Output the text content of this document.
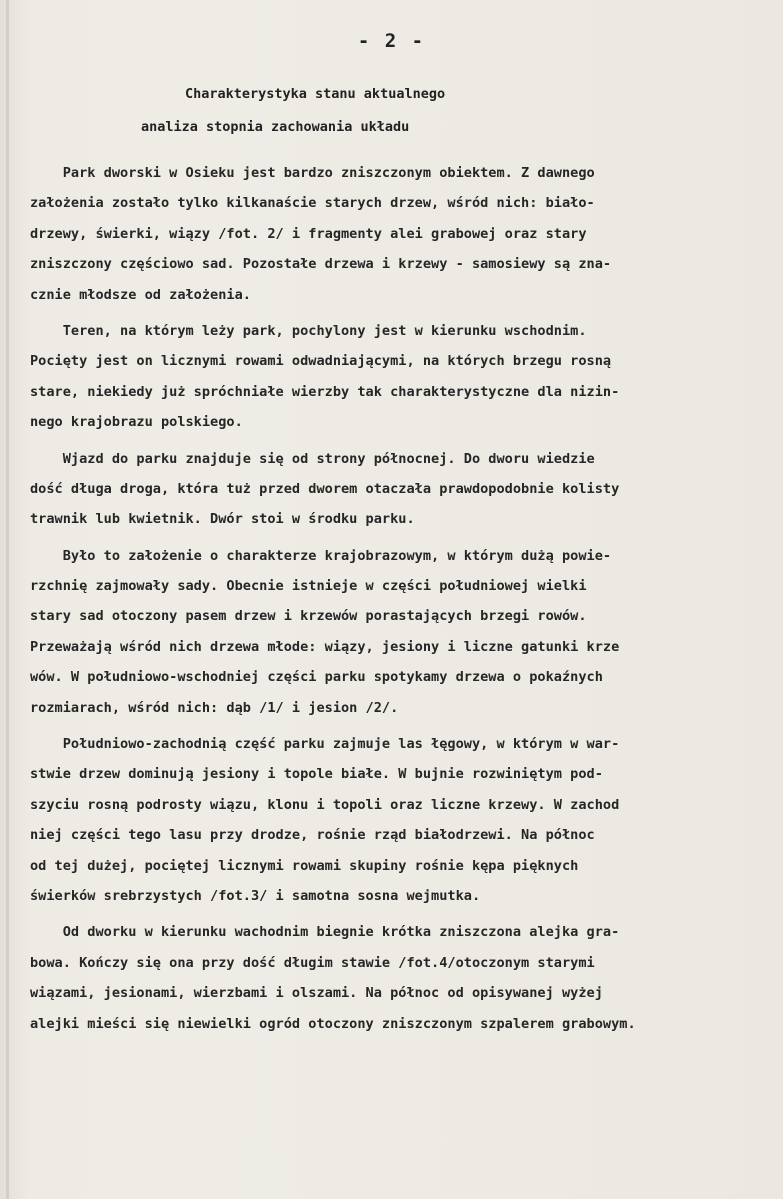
- 2 -
Charakterystyka stanu aktualnego
analiza stopnia zachowania układu
Park dworski w Osieku jest bardzo zniszczonym obiektem. Z dawnego
założenia zostało tylko kilkanaście starych drzew, wśród nich: biało-
drzewy, świerki, wiązy /fot. 2/ i fragmenty alei grabowej oraz stary
zniszczony częściowo sad. Pozostałe drzewa i krzewy - samosiewy są zna-
cznie młodsze od założenia.
Teren, na którym leży park, pochylony jest w kierunku wschodnim.
Pocięty jest on licznymi rowami odwadniającymi, na których brzegu rosną
stare, niekiedy już spróchniałe wierzby tak charakterystyczne dla nizin-
nego krajobrazu polskiego.
Wjazd do parku znajduje się od strony północnej. Do dworu wiedzie
dość długa droga, która tuż przed dworem otaczała prawdopodobnie kolisty
trawnik lub kwietnik. Dwór stoi w środku parku.
Było to założenie o charakterze krajobrazowym, w którym dużą powie-
rzchnię zajmowały sady. Obecnie istnieje w części południowej wielki
stary sad otoczony pasem drzew i krzewów porastających brzegi rowów.
Przeważają wśród nich drzewa młode: wiązy, jesiony i liczne gatunki krze
wów. W południowo-wschodniej części parku spotykamy drzewa o pokaźnych
rozmiarach, wśród nich: dąb /1/ i jesion /2/.
Południowo-zachodnią część parku zajmuje las łęgowy, w którym w war-
stwie drzew dominują jesiony i topole białe. W bujnie rozwiniętym pod-
szyciu rosną podrosty wiązu, klonu i topoli oraz liczne krzewy. W zachod
niej części tego lasu przy drodze, rośnie rząd białodrzewi. Na północ
od tej dużej, pociętej licznymi rowami skupiny rośnie kępa pięknych
świerków srebrzystych /fot.3/ i samotna sosna wejmutka.
Od dworku w kierunku wachodnim biegnie krótka zniszczona alejka gra-
bowa. Kończy się ona przy dość długim stawie /fot.4/otoczonym starymi
wiązami, jesionami, wierzbami i olszami. Na północ od opisywanej wyżej
alejki mieści się niewielki ogród otoczony zniszczonym szpalerem grabowym.
